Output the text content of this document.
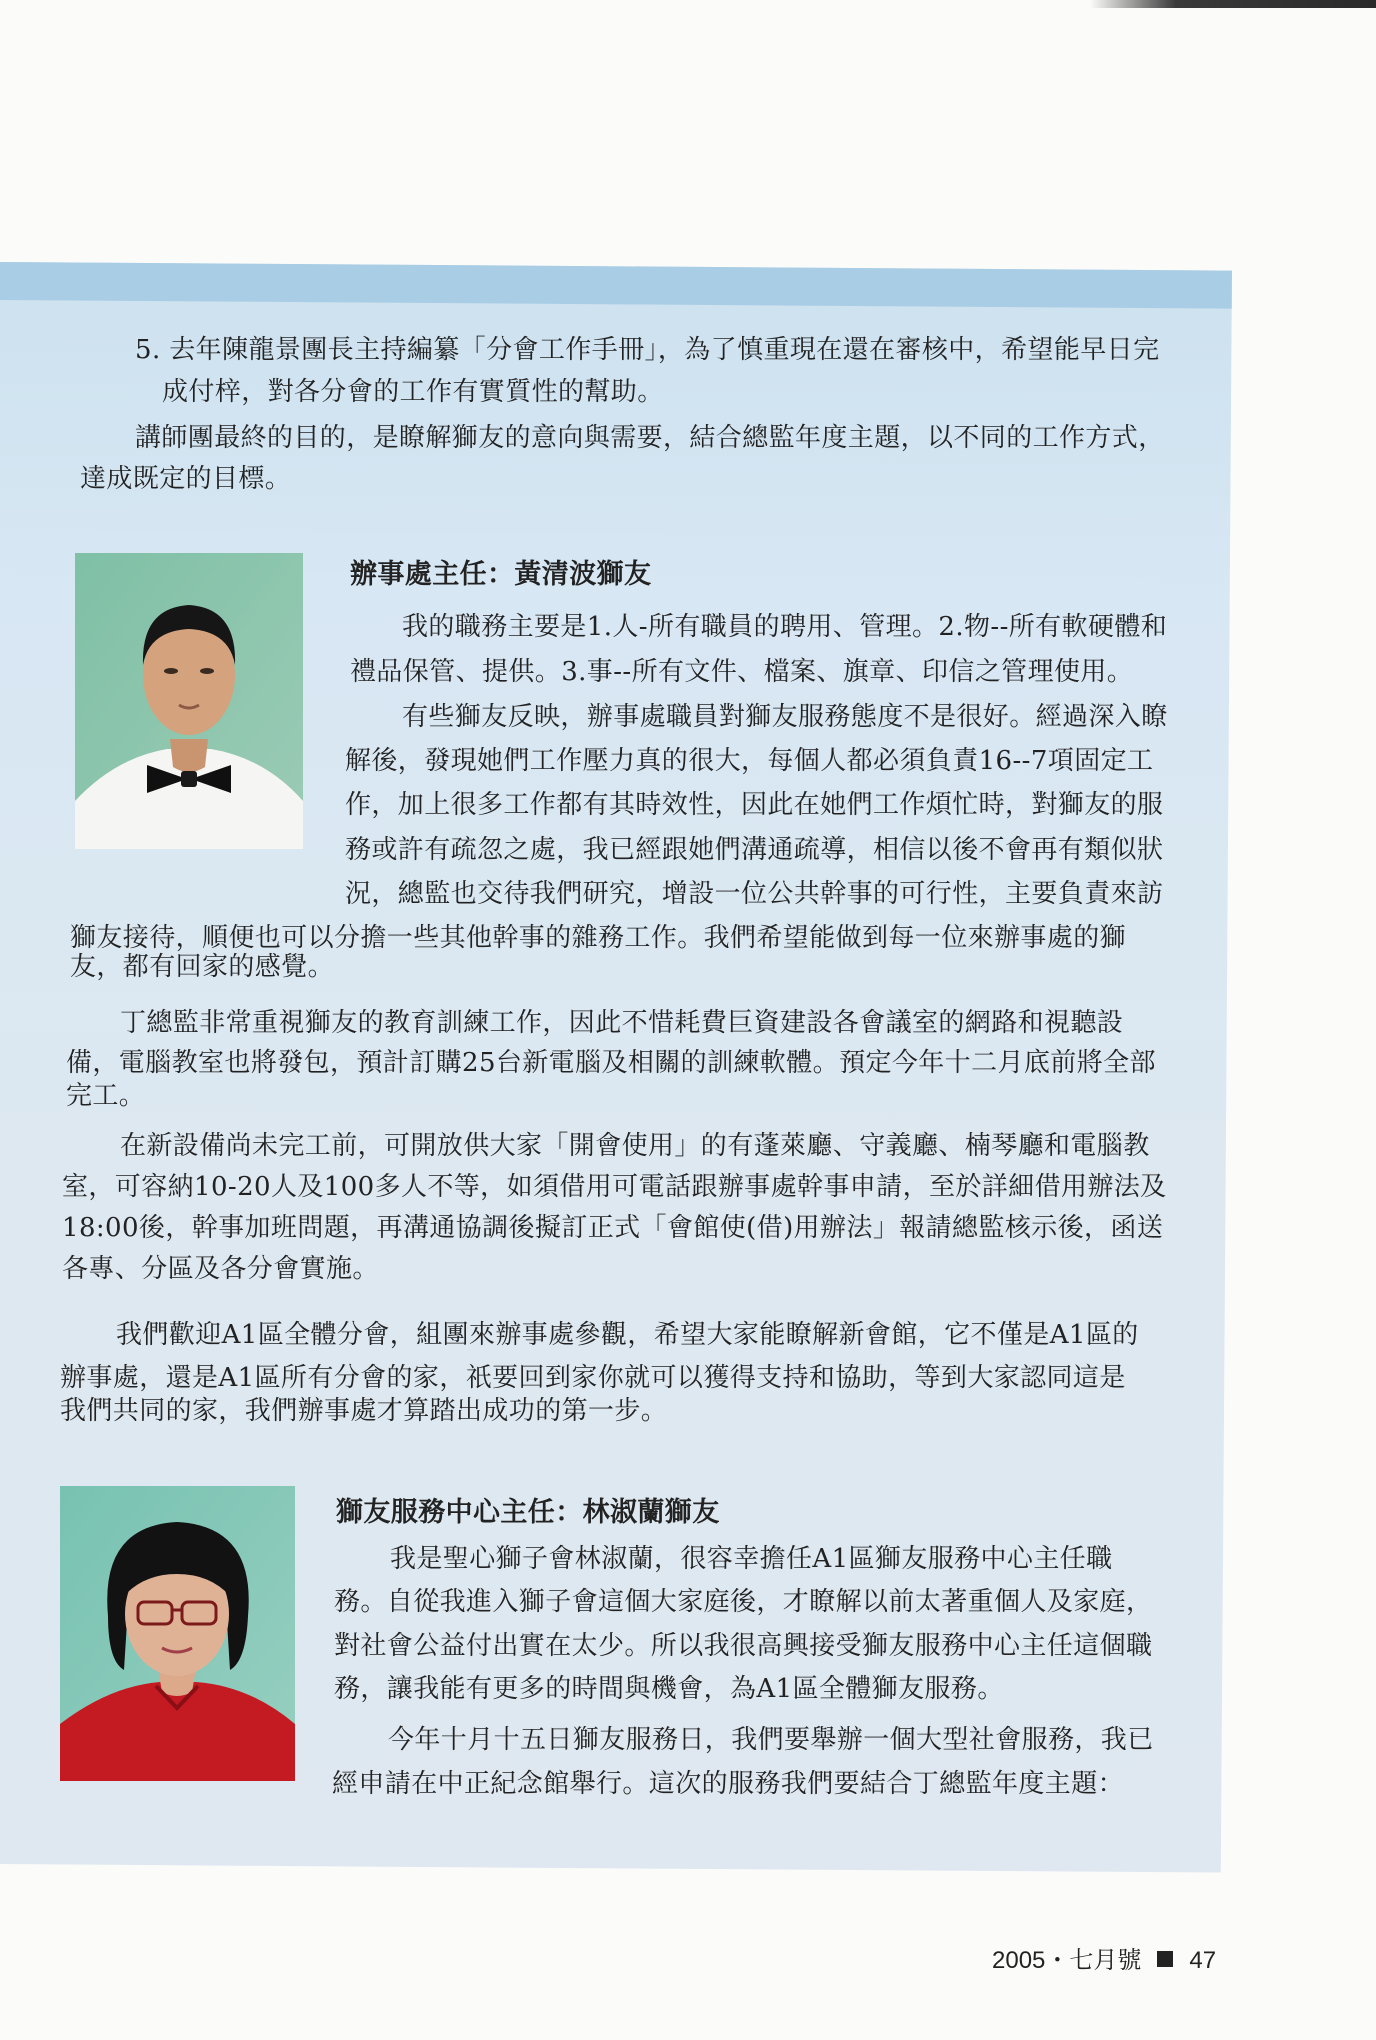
5. 去年陳龍景團長主持編纂「分會工作手冊」，為了慎重現在還在審核中，希望能早日完
成付梓，對各分會的工作有實質性的幫助。
講師團最終的目的，是瞭解獅友的意向與需要，結合總監年度主題，以不同的工作方式，
達成既定的目標。
辦事處主任：黃清波獅友
我的職務主要是1.人-所有職員的聘用、管理。2.物--所有軟硬體和
禮品保管、提供。3.事--所有文件、檔案、旗章、印信之管理使用。
有些獅友反映，辦事處職員對獅友服務態度不是很好。經過深入瞭
解後，發現她們工作壓力真的很大，每個人都必須負責16--7項固定工
作，加上很多工作都有其時效性，因此在她們工作煩忙時，對獅友的服
務或許有疏忽之處，我已經跟她們溝通疏導，相信以後不會再有類似狀
況，總監也交待我們研究，增設一位公共幹事的可行性，主要負責來訪
獅友接待，順便也可以分擔一些其他幹事的雜務工作。我們希望能做到每一位來辦事處的獅
友，都有回家的感覺。
丁總監非常重視獅友的教育訓練工作，因此不惜耗費巨資建設各會議室的網路和視聽設
備，電腦教室也將發包，預計訂購25台新電腦及相關的訓練軟體。預定今年十二月底前將全部
完工。
在新設備尚未完工前，可開放供大家「開會使用」的有蓬萊廳、守義廳、楠琴廳和電腦教
室，可容納10-20人及100多人不等，如須借用可電話跟辦事處幹事申請，至於詳細借用辦法及
18:00後，幹事加班問題，再溝通協調後擬訂正式「會館使(借)用辦法」報請總監核示後，函送
各專、分區及各分會實施。
我們歡迎A1區全體分會，組團來辦事處參觀，希望大家能瞭解新會館，它不僅是A1區的
辦事處，還是A1區所有分會的家，祇要回到家你就可以獲得支持和協助，等到大家認同這是
我們共同的家，我們辦事處才算踏出成功的第一步。
獅友服務中心主任：林淑蘭獅友
我是聖心獅子會林淑蘭，很容幸擔任A1區獅友服務中心主任職
務。自從我進入獅子會這個大家庭後，才瞭解以前太著重個人及家庭，
對社會公益付出實在太少。所以我很高興接受獅友服務中心主任這個職
務，讓我能有更多的時間與機會，為A1區全體獅友服務。
今年十月十五日獅友服務日，我們要舉辦一個大型社會服務，我已
經申請在中正紀念館舉行。這次的服務我們要結合丁總監年度主題：
2005・七月號 47
